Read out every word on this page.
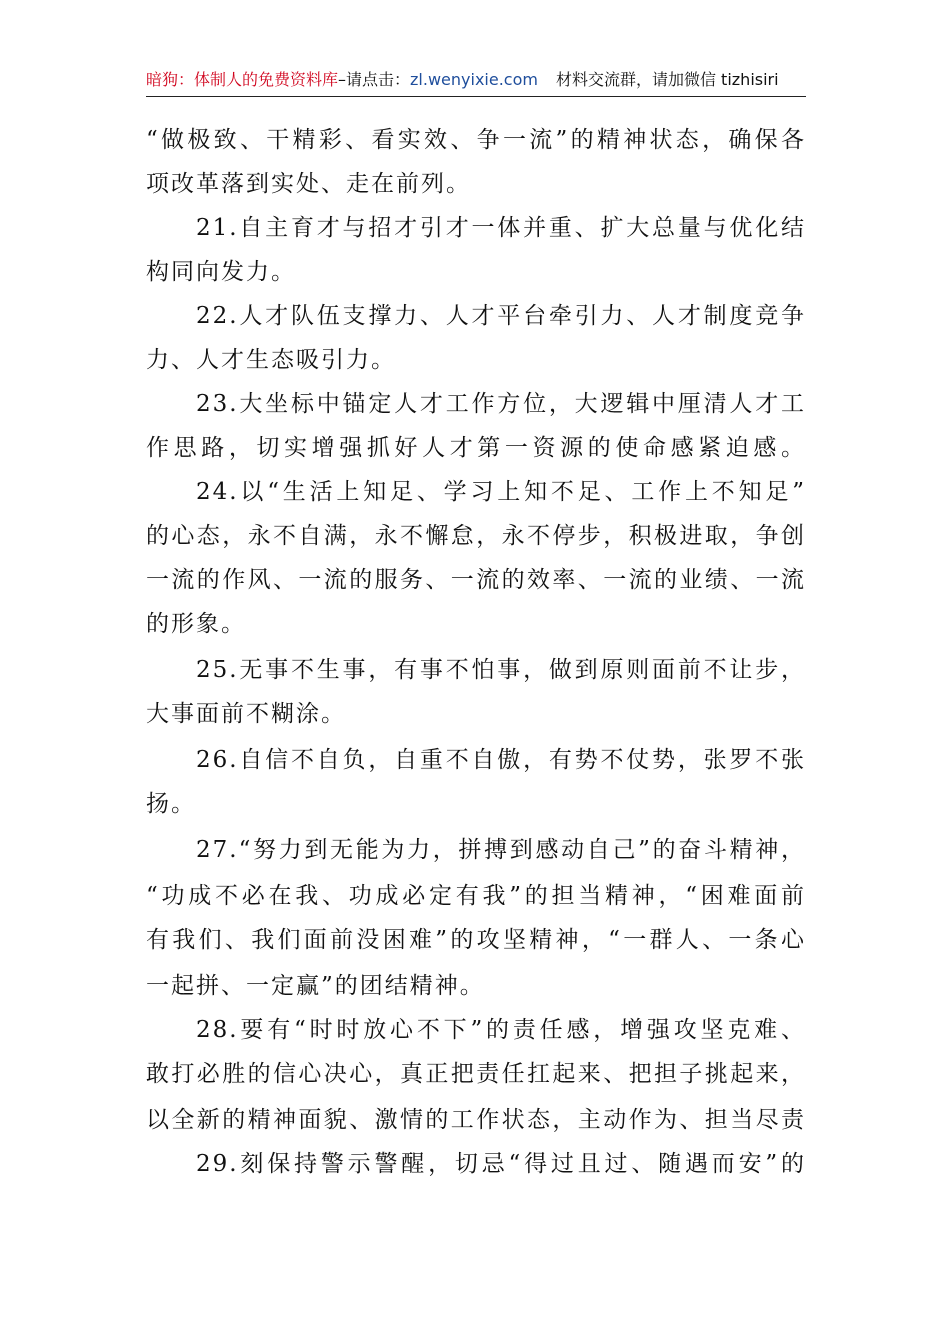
暗狗：体制人的免费资料库–请点击：zl.wenyixie.com 材料交流群，请加微信 tizhisiri
“做极致、干精彩、看实效、争一流”的精神状态，确保各
项改革落到实处、走在前列。
21.自主育才与招才引才一体并重、扩大总量与优化结
构同向发力。
22.人才队伍支撑力、人才平台牵引力、人才制度竞争
力、人才生态吸引力。
23.大坐标中锚定人才工作方位，大逻辑中厘清人才工
作思路，切实增强抓好人才第一资源的使命感紧迫感。
24.以“生活上知足、学习上知不足、工作上不知足”
的心态，永不自满，永不懈怠，永不停步，积极进取，争创
一流的作风、一流的服务、一流的效率、一流的业绩、一流
的形象。
25.无事不生事，有事不怕事，做到原则面前不让步，
大事面前不糊涂。
26.自信不自负，自重不自傲，有势不仗势，张罗不张
扬。
27.“努力到无能为力，拼搏到感动自己”的奋斗精神，
“功成不必在我、功成必定有我”的担当精神，“困难面前
有我们、我们面前没困难”的攻坚精神，“一群人、一条心
一起拼、一定赢”的团结精神。
28.要有“时时放心不下”的责任感，增强攻坚克难、
敢打必胜的信心决心，真正把责任扛起来、把担子挑起来，
以全新的精神面貌、激情的工作状态，主动作为、担当尽责
29.刻保持警示警醒，切忌“得过且过、随遇而安”的
